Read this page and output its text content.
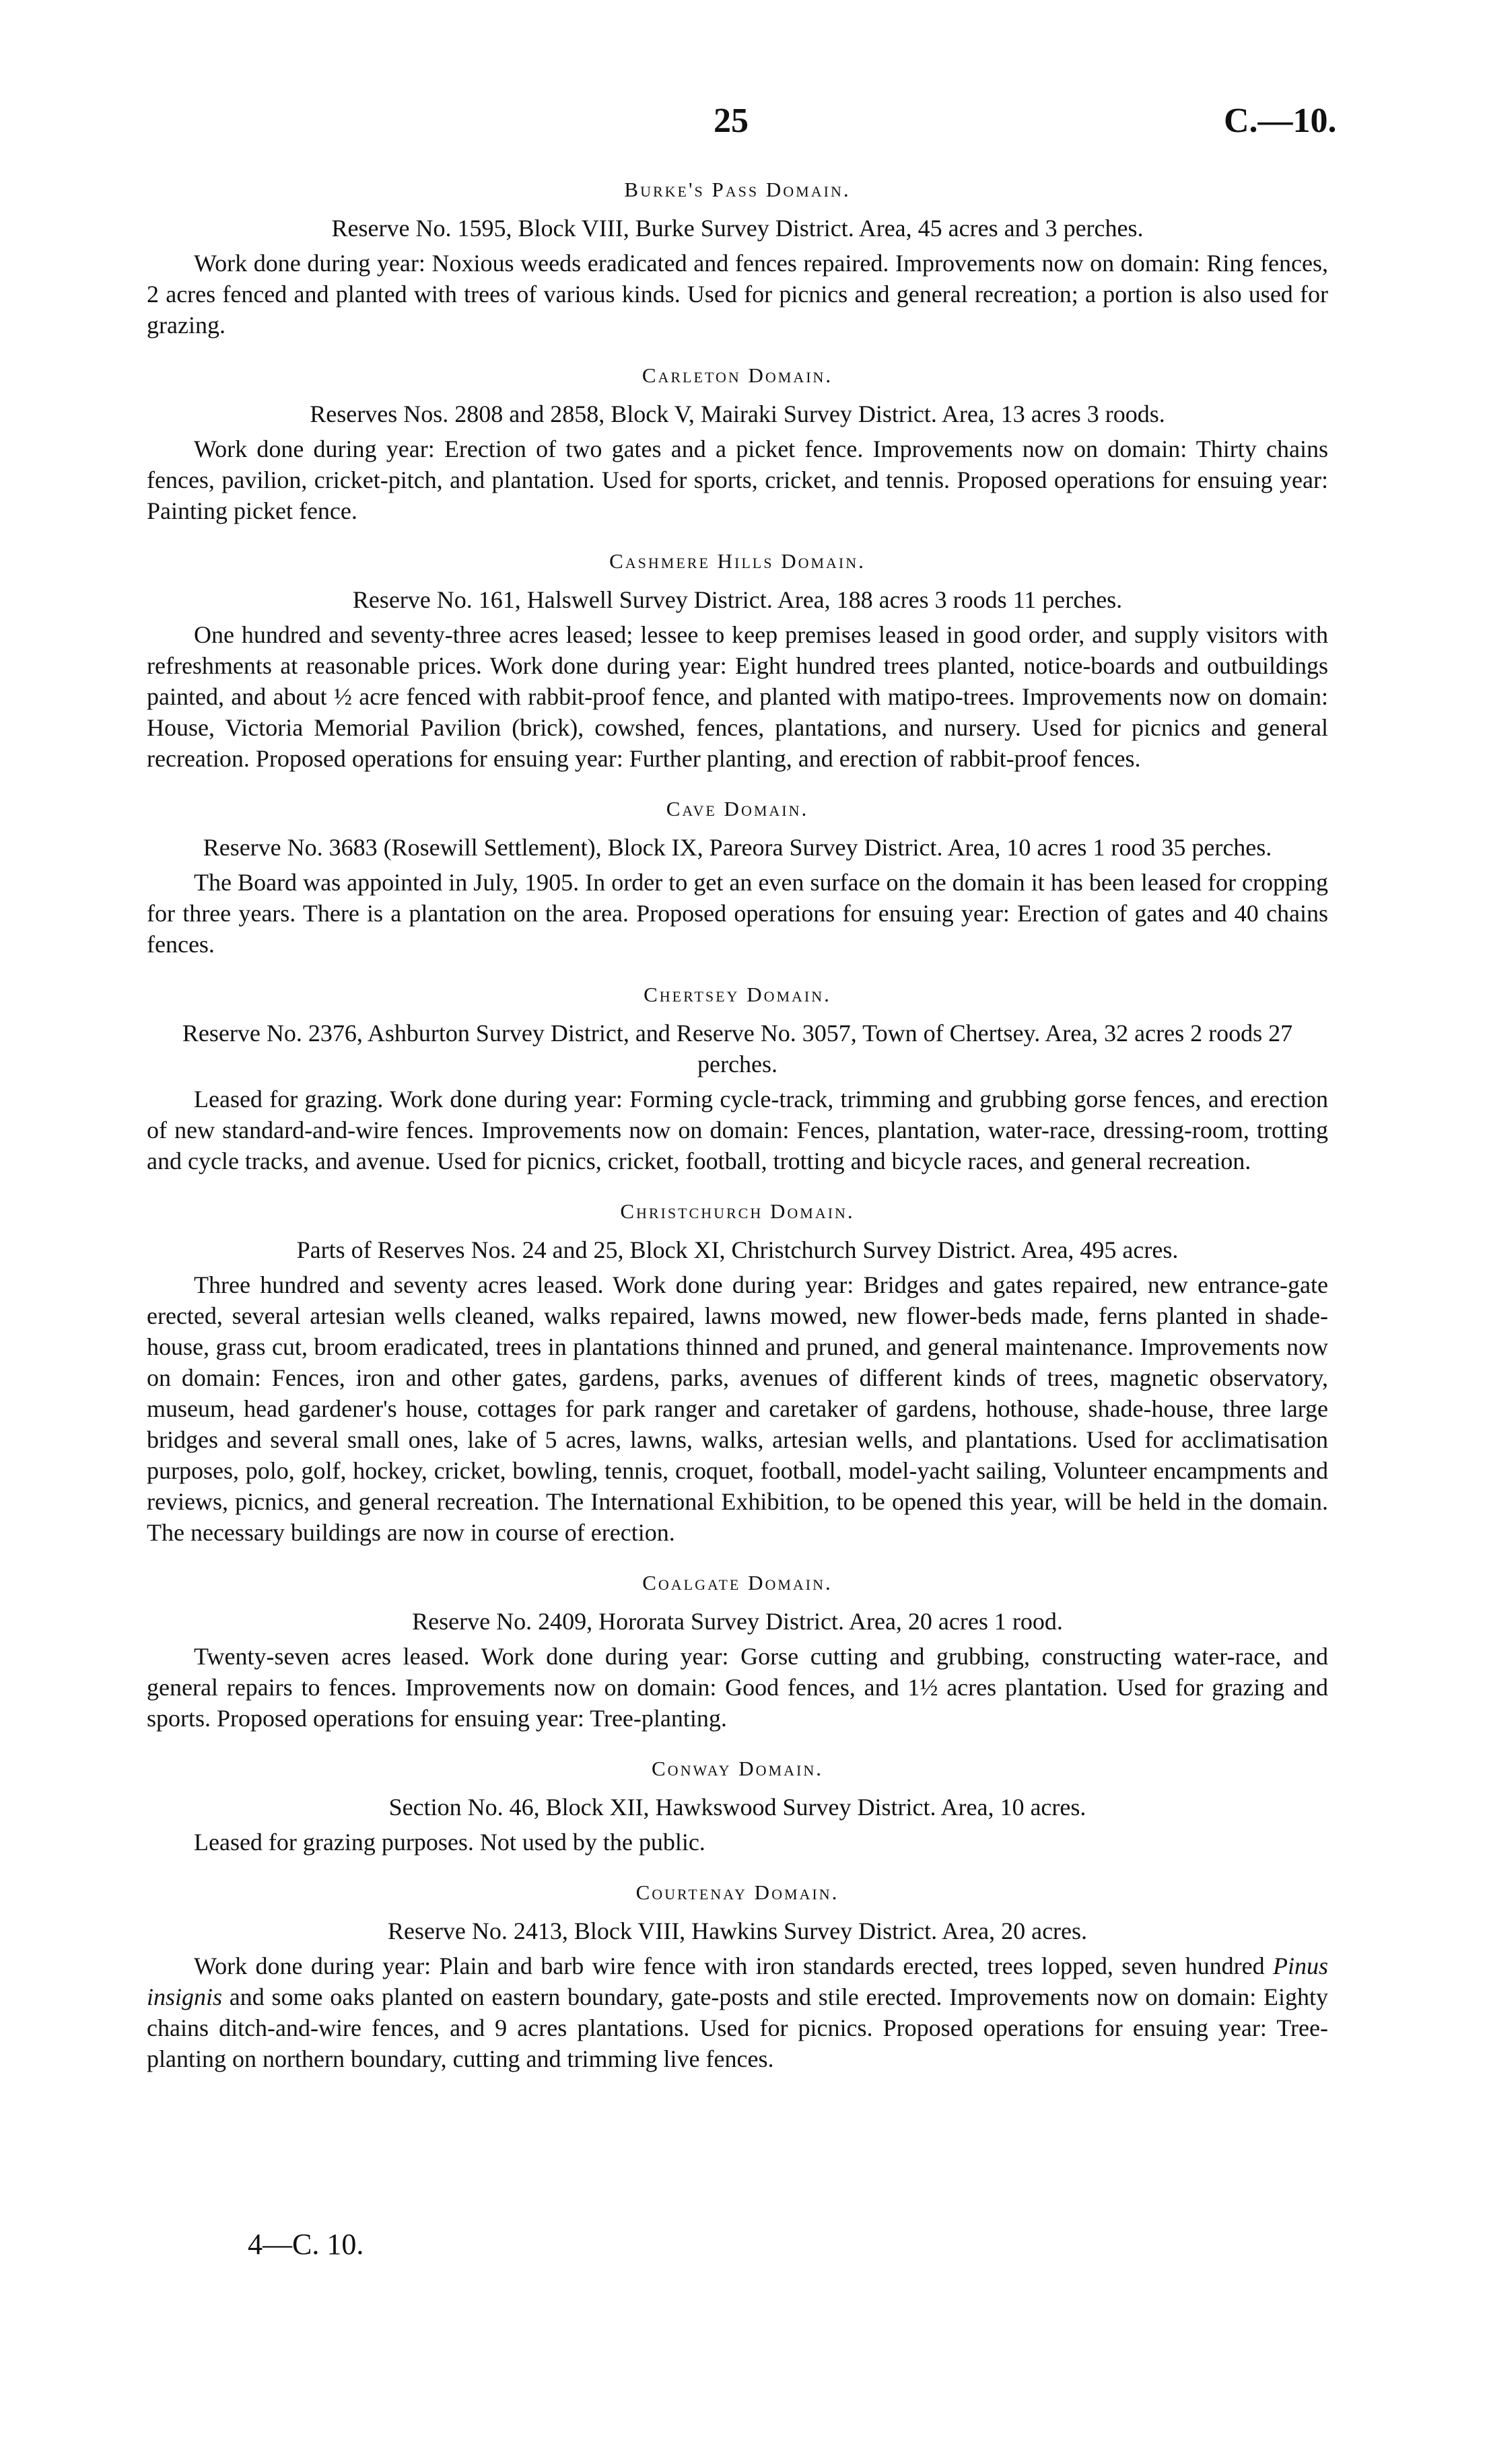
25	C.—10.
Burke's Pass Domain.
Reserve No. 1595, Block VIII, Burke Survey District. Area, 45 acres and 3 perches.

Work done during year: Noxious weeds eradicated and fences repaired. Improvements now on domain: Ring fences, 2 acres fenced and planted with trees of various kinds. Used for picnics and general recreation; a portion is also used for grazing.

Carleton Domain.
Reserves Nos. 2808 and 2858, Block V, Mairaki Survey District. Area, 13 acres 3 roods.

Work done during year: Erection of two gates and a picket fence. Improvements now on domain: Thirty chains fences, pavilion, cricket-pitch, and plantation. Used for sports, cricket, and tennis. Proposed operations for ensuing year: Painting picket fence.

Cashmere Hills Domain.
Reserve No. 161, Halswell Survey District. Area, 188 acres 3 roods 11 perches.

One hundred and seventy-three acres leased; lessee to keep premises leased in good order, and supply visitors with refreshments at reasonable prices. Work done during year: Eight hundred trees planted, notice-boards and outbuildings painted, and about ½ acre fenced with rabbit-proof fence, and planted with matipo-trees. Improvements now on domain: House, Victoria Memorial Pavilion (brick), cowshed, fences, plantations, and nursery. Used for picnics and general recreation. Proposed operations for ensuing year: Further planting, and erection of rabbit-proof fences.

Cave Domain.
Reserve No. 3683 (Rosewill Settlement), Block IX, Pareora Survey District. Area, 10 acres 1 rood 35 perches.

The Board was appointed in July, 1905. In order to get an even surface on the domain it has been leased for cropping for three years. There is a plantation on the area. Proposed operations for ensuing year: Erection of gates and 40 chains fences.

Chertsey Domain.
Reserve No. 2376, Ashburton Survey District, and Reserve No. 3057, Town of Chertsey. Area, 32 acres 2 roods 27 perches.

Leased for grazing. Work done during year: Forming cycle-track, trimming and grubbing gorse fences, and erection of new standard-and-wire fences. Improvements now on domain: Fences, plantation, water-race, dressing-room, trotting and cycle tracks, and avenue. Used for picnics, cricket, football, trotting and bicycle races, and general recreation.

Christchurch Domain.
Parts of Reserves Nos. 24 and 25, Block XI, Christchurch Survey District. Area, 495 acres.

Three hundred and seventy acres leased. Work done during year: Bridges and gates repaired, new entrance-gate erected, several artesian wells cleaned, walks repaired, lawns mowed, new flower-beds made, ferns planted in shade-house, grass cut, broom eradicated, trees in plantations thinned and pruned, and general maintenance. Improvements now on domain: Fences, iron and other gates, gardens, parks, avenues of different kinds of trees, magnetic observatory, museum, head gardener's house, cottages for park ranger and caretaker of gardens, hothouse, shade-house, three large bridges and several small ones, lake of 5 acres, lawns, walks, artesian wells, and plantations. Used for acclimatisation purposes, polo, golf, hockey, cricket, bowling, tennis, croquet, football, model-yacht sailing, Volunteer encampments and reviews, picnics, and general recreation. The International Exhibition, to be opened this year, will be held in the domain. The necessary buildings are now in course of erection.

Coalgate Domain.
Reserve No. 2409, Hororata Survey District. Area, 20 acres 1 rood.

Twenty-seven acres leased. Work done during year: Gorse cutting and grubbing, constructing water-race, and general repairs to fences. Improvements now on domain: Good fences, and 1½ acres plantation. Used for grazing and sports. Proposed operations for ensuing year: Tree-planting.

Conway Domain.
Section No. 46, Block XII, Hawkswood Survey District. Area, 10 acres.

Leased for grazing purposes. Not used by the public.

Courtenay Domain.
Reserve No. 2413, Block VIII, Hawkins Survey District. Area, 20 acres.

Work done during year: Plain and barb wire fence with iron standards erected, trees lopped, seven hundred Pinus insignis and some oaks planted on eastern boundary, gate-posts and stile erected. Improvements now on domain: Eighty chains ditch-and-wire fences, and 9 acres plantations. Used for picnics. Proposed operations for ensuing year: Tree-planting on northern boundary, cutting and trimming live fences.

4—C. 10.
